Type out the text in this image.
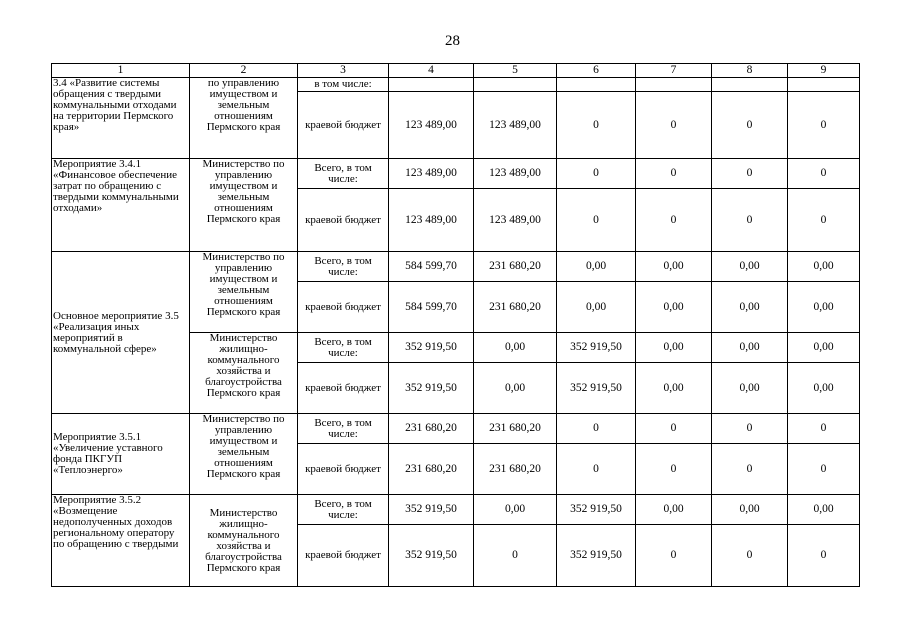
28
1	2	3	4	5	6	7	8	9
3.4 «Развитие системы обращения с твердыми коммунальными отходами на территории Пермского края»	по управлению имуществом и земельным отношениям Пермского края	в том числе:						
		краевой бюджет	123 489,00	123 489,00	0	0	0	0
Мероприятие 3.4.1 «Финансовое обеспечение затрат по обращению с твердыми коммунальными отходами»	Министерство по управлению имуществом и земельным отношениям Пермского края	Всего, в том числе:	123 489,00	123 489,00	0	0	0	0
		краевой бюджет	123 489,00	123 489,00	0	0	0	0
Основное мероприятие 3.5 «Реализация иных мероприятий в коммунальной сфере»	Министерство по управлению имуществом и земельным отношениям Пермского края	Всего, в том числе:	584 599,70	231 680,20	0,00	0,00	0,00	0,00
		краевой бюджет	584 599,70	231 680,20	0,00	0,00	0,00	0,00
	Министерство жилищно-коммунального хозяйства и благоустройства Пермского края	Всего, в том числе:	352 919,50	0,00	352 919,50	0,00	0,00	0,00
		краевой бюджет	352 919,50	0,00	352 919,50	0,00	0,00	0,00
Мероприятие 3.5.1 «Увеличение уставного фонда ПКГУП «Теплоэнерго»	Министерство по управлению имуществом и земельным отношениям Пермского края	Всего, в том числе:	231 680,20	231 680,20	0	0	0	0
		краевой бюджет	231 680,20	231 680,20	0	0	0	0
Мероприятие 3.5.2 «Возмещение недополученных доходов региональному оператору по обращению с твердыми	Министерство жилищно-коммунального хозяйства и благоустройства Пермского края	Всего, в том числе:	352 919,50	0,00	352 919,50	0,00	0,00	0,00
		краевой бюджет	352 919,50	0	352 919,50	0	0	0
